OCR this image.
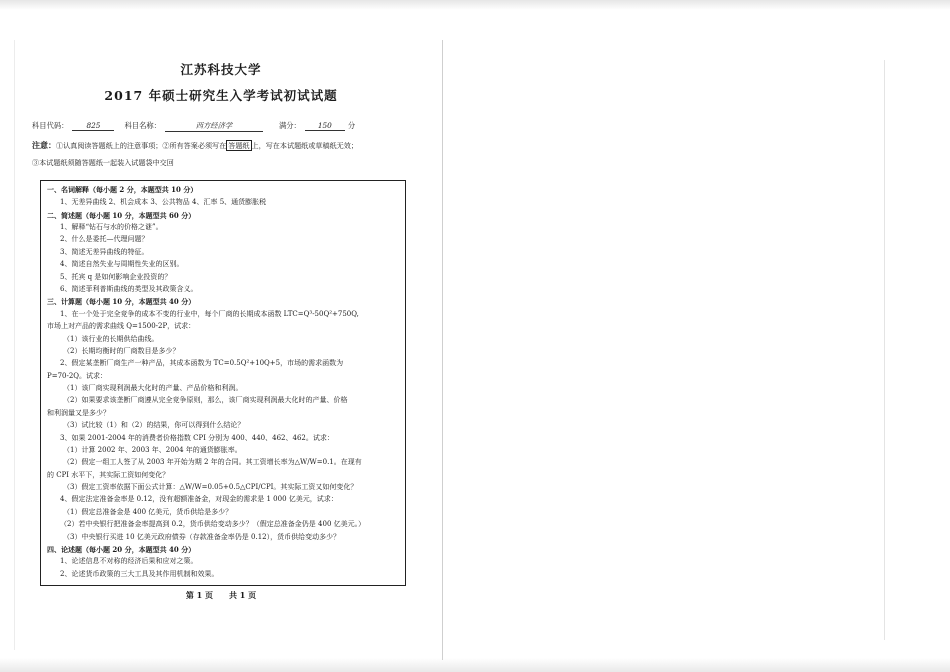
江苏科技大学
2017 年硕士研究生入学考试初试试题
科目代码： 825	科目名称：	西方经济学	满分： 150 分
注意：①认真阅读答题纸上的注意事项；②所有答案必须写在 答题纸 上，写在本试题纸或草稿纸无效；
③本试题纸须随答题纸一起装入试题袋中交回
一、名词解释（每小题 2 分，本题型共 10 分）
1、无差异曲线 2、机会成本 3、公共物品 4、汇率 5、通货膨胀税
二、简述题（每小题 10 分，本题型共 60 分）
1、解释“钻石与水的价格之谜”。
2、什么是委托—代理问题？
3、简述无差异曲线的特征。
4、简述自然失业与周期性失业的区别。
5、托宾 q 是如何影响企业投资的？
6、简述菲利普斯曲线的类型及其政策含义。
三、计算题（每小题 10 分，本题型共 40 分）
1、在一个处于完全竞争的成本不变的行业中，每个厂商的长期成本函数 LTC=Q³-50Q²+750Q,
市场上对产品的需求曲线 Q=1500-2P，试求：
（1）该行业的长期供给曲线。
（2）长期均衡时的厂商数目是多少？
2、假定某垄断厂商生产一种产品，其成本函数为 TC=0.5Q²+10Q+5，市场的需求函数为
P=70-2Q。试求：
（1）该厂商实现利润最大化时的产量、产品价格和利润。
（2）如果要求该垄断厂商遵从完全竞争原则，那么，该厂商实现利润最大化时的产量、价格
和利润量又是多少？
（3）试比较（1）和（2）的结果，你可以得到什么结论？
3、如果 2001-2004 年的消费者价格指数 CPI 分别为 400、440、462、462。试求：
（1）计算 2002 年、2003 年、2004 年的通货膨胀率。
（2）假定一组工人签了从 2003 年开始为期 2 年的合同。其工资增长率为△W/W=0.1。在现有
的 CPI 水平下，其实际工资如何变化？
（3）假定工资率依据下面公式计算：△W/W=0.05+0.5△CPI/CPI。其实际工资又如何变化？
4、假定法定准备金率是 0.12，没有超额准备金，对现金的需求是 1 000 亿美元，试求：
（1）假定总准备金是 400 亿美元，货币供给是多少？
（2）若中央银行把准备金率提高到 0.2，货币供给变动多少？（假定总准备金仍是 400 亿美元。）
（3）中央银行买进 10 亿美元政府债券（存款准备金率仍是 0.12），货币供给变动多少？
四、论述题（每小题 20 分，本题型共 40 分）
1、论述信息不对称的经济后果和应对之策。
2、论述货币政策的三大工具及其作用机制和效果。
第 1 页 共 1 页
